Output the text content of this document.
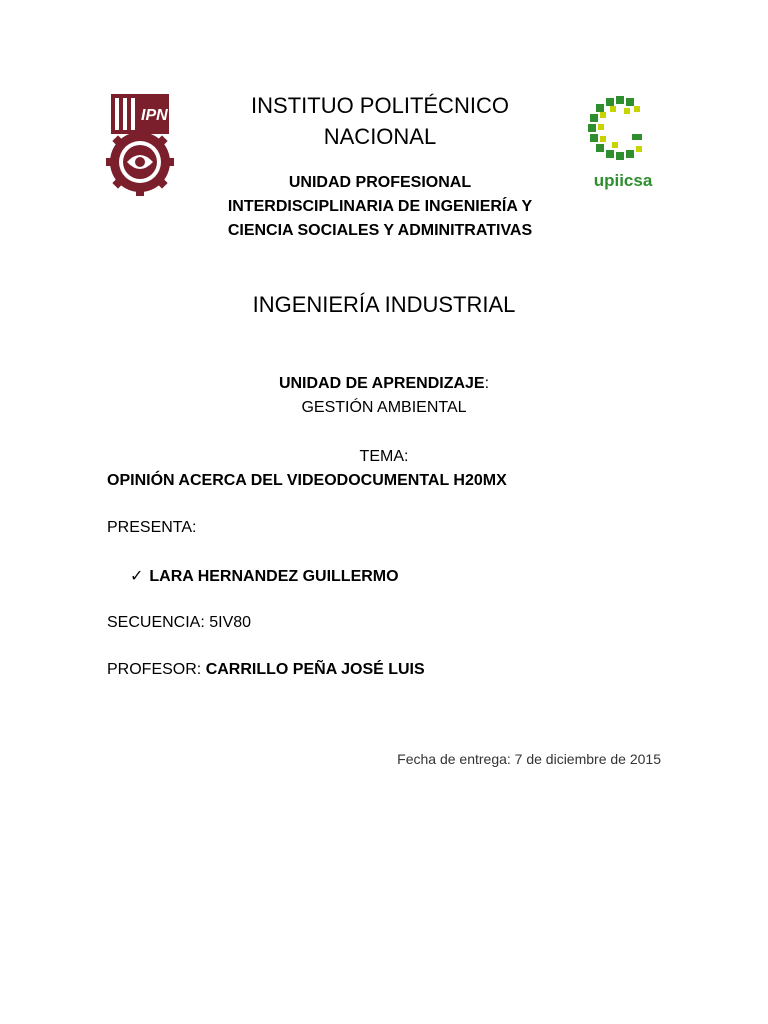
IPN	INSTITUO POLITÉCNICO
NACIONAL
upiicsa
UNIDAD PROFESIONAL
INTERDISCIPLINARIA DE INGENIERÍA Y
CIENCIA SOCIALES Y ADMINITRATIVAS
INGENIERÍA INDUSTRIAL
UNIDAD DE APRENDIZAJE:
GESTIÓN AMBIENTAL
TEMA:
OPINIÓN ACERCA DEL VIDEODOCUMENTAL H20MX
PRESENTA:
✓ LARA HERNANDEZ GUILLERMO
SECUENCIA: 5IV80
PROFESOR: CARRILLO PEÑA JOSÉ LUIS
Fecha de entrega: 7 de diciembre de 2015
